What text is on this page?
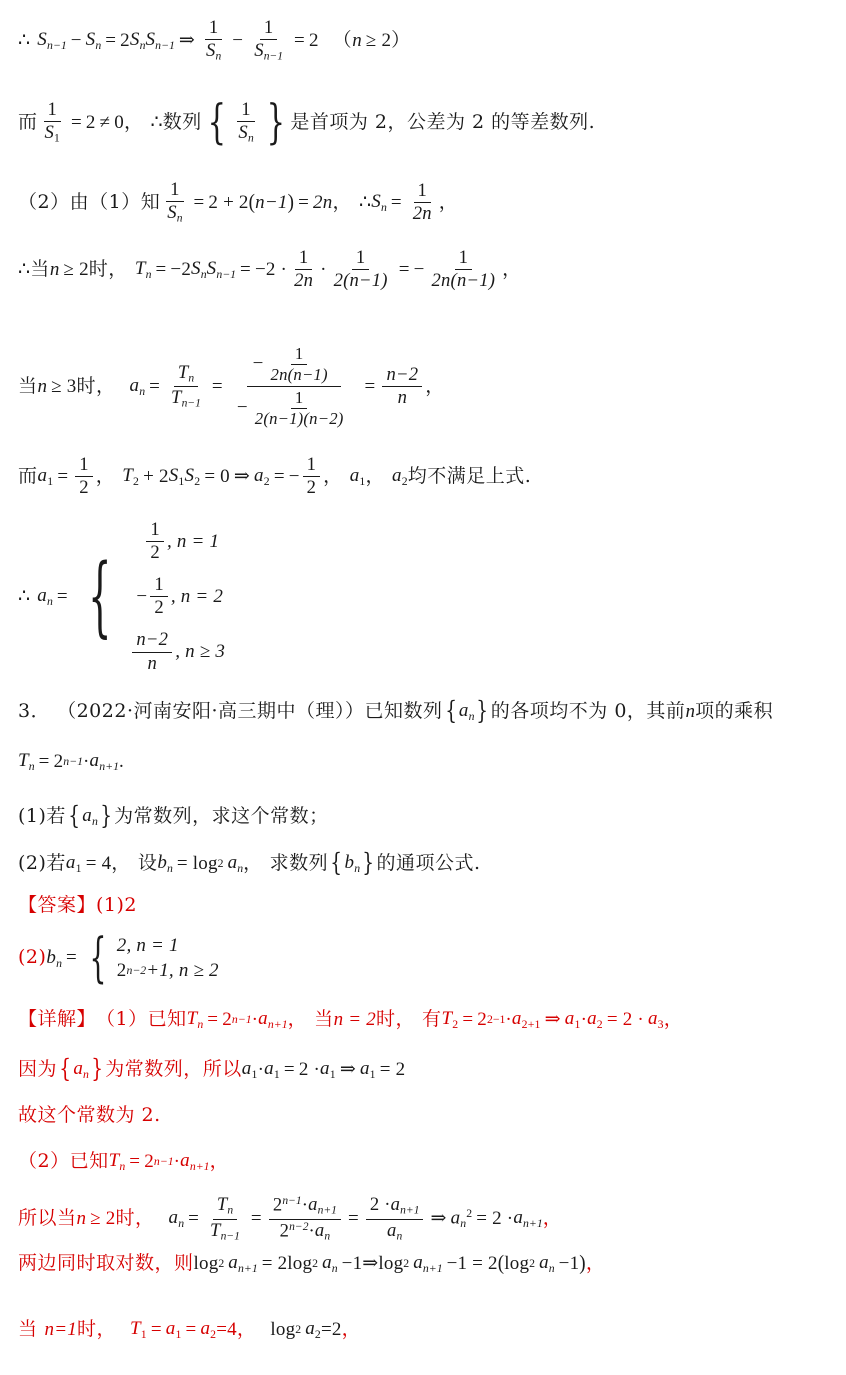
∴ $S_{n-1} - S_n = 2$ $S_nS_{n-1}$ ⇒ $\frac{1}{S_n} - \frac{1}{S_{n-1}} = 2$ （ n ≥ 2 ）
而 $\frac{1}{S1} = 2 \ne 0$ ， ∴ 数列 { $\frac{1}{S_n}$ } 是首项为 2，公差为 2 的等差数列.
（2） 由 （1） 知 $\frac{1}{S_n} = 2 + 2$ ( n−1 ) = 2n ， ∴ $S_n = \frac{1}{2n}$ ，
∴ 当 n ≥ 2 时， $T_n = -2$ $S_nS_{n-1} = -2 \cdot \frac{1}{2n} \cdot \frac{1}{2(n-1)}$ = − $\frac{1}{2n(n-1)}$ ，
当 n ≥ 3 时， $a_n = \frac{T_n}{T_{n-1}} = \frac{- \frac{1}{2n(n-1)}}{- \frac{1}{2(n-1)(n-2)}} = \frac{n-2}{n}$ ，
而 $a1 = \frac{1}{2}$ ， T2 + 2 S1S2 = 0 ⇒ a2 = − $\frac{1}{2}$ ， a1 ， a2 均不满足上式.
∴ $a_n$ = {
$\frac{1}{2}$ , n = 1
− $\frac{1}{2}$ , n = 2
$\frac{n-2}{n}$ , n ≥ 3
3． （2022·河南安阳·高三期中（理）） 已知数列 { $a_n$ } 的各项均不为 0，其前 n 项的乘积
$T_n = 2$ $n-1 \cdot a_{n+1}$ .
(1)若 { $a_n$ } 为常数列，求这个常数；
(2)若 a1 = 4 ， 设 $b_n = \log 2$ $a_n$ ， 求数列 { $b_n$ } 的通项公式.
【答案】 (1)2
(2) $b_n$ = { 2, n = 1
2 n−2 +1, n ≥ 2
【详解】 （1） 已知 $T_n = 2$ $n-1 \cdot a_{n+1}$ ， 当 n = 2 时， 有 T2 = 2 2−1 · a2+1 ⇒ a1 · a2 = 2 · a3 ，
因为 { $a_n$ } 为常数列，所以 a1 · a1 = 2 · a1 ⇒ a1 = 2
故这个常数为 2.
（2） 已知 $T_n = 2$ $n-1 \cdot a_{n+1}$ ，
所以当 n ≥ 2 时， $a_n = \frac{T_n}{T_{n-1}} = \frac{2^{n-1}\cdot a_{n+1}}{2^{n-2}\cdot a_n} = \frac{2 \cdot a_{n+1}}{a_n}$ ⇒ $a_n^2 = 2 \cdot a_{n+1}$ ，
两边同时取对数，则 log 2 $a_{n+1} = 2\log$ 2 $a_n -1$ ⇒ log 2 $a_{n+1} -1 = 2$ ( log 2 $a_n -1$ ) ，
当 n=1 时， T1 = a1 = a2 =4 ， log 2 a2 =2 ，
